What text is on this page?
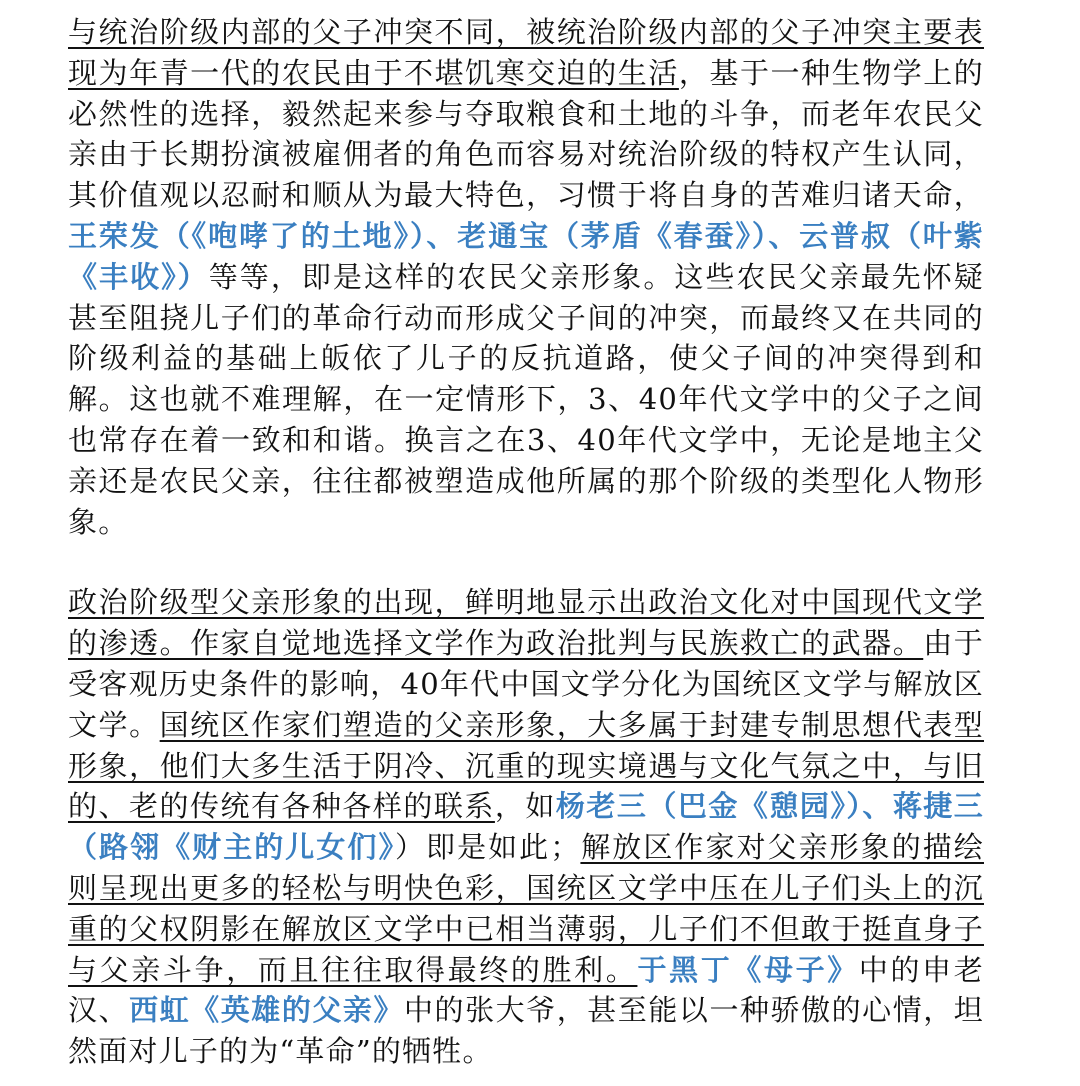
与统治阶级内部的父子冲突不同，被统治阶级内部的父子冲突主要表现为年青一代的农民由于不堪饥寒交迫的生活，基于一种生物学上的必然性的选择，毅然起来参与夺取粮食和土地的斗争，而老年农民父亲由于长期扮演被雇佣者的角色而容易对统治阶级的特权产生认同，其价值观以忍耐和顺从为最大特色，习惯于将自身的苦难归诸天命，王荣发（《咆哮了的土地》）、老通宝（茅盾《春蚕》）、云普叔（叶紫《丰收》）等等，即是这样的农民父亲形象。这些农民父亲最先怀疑甚至阻挠儿子们的革命行动而形成父子间的冲突，而最终又在共同的阶级利益的基础上皈依了儿子的反抗道路，使父子间的冲突得到和解。这也就不难理解，在一定情形下，3、40年代文学中的父子之间也常存在着一致和和谐。换言之在3、40年代文学中，无论是地主父亲还是农民父亲，往往都被塑造成他所属的那个阶级的类型化人物形象。

政治阶级型父亲形象的出现，鲜明地显示出政治文化对中国现代文学的渗透。作家自觉地选择文学作为政治批判与民族救亡的武器。由于受客观历史条件的影响，40年代中国文学分化为国统区文学与解放区文学。国统区作家们塑造的父亲形象，大多属于封建专制思想代表型形象，他们大多生活于阴冷、沉重的现实境遇与文化气氛之中，与旧的、老的传统有各种各样的联系，如杨老三（巴金《憩园》）、蒋捷三（路翎《财主的儿女们》）即是如此；解放区作家对父亲形象的描绘则呈现出更多的轻松与明快色彩，国统区文学中压在儿子们头上的沉重的父权阴影在解放区文学中已相当薄弱，儿子们不但敢于挺直身子与父亲斗争，而且往往取得最终的胜利。于黑丁《母子》中的申老汉、西虹《英雄的父亲》中的张大爷，甚至能以一种骄傲的心情，坦然面对儿子的为“革命”的牺牲。
